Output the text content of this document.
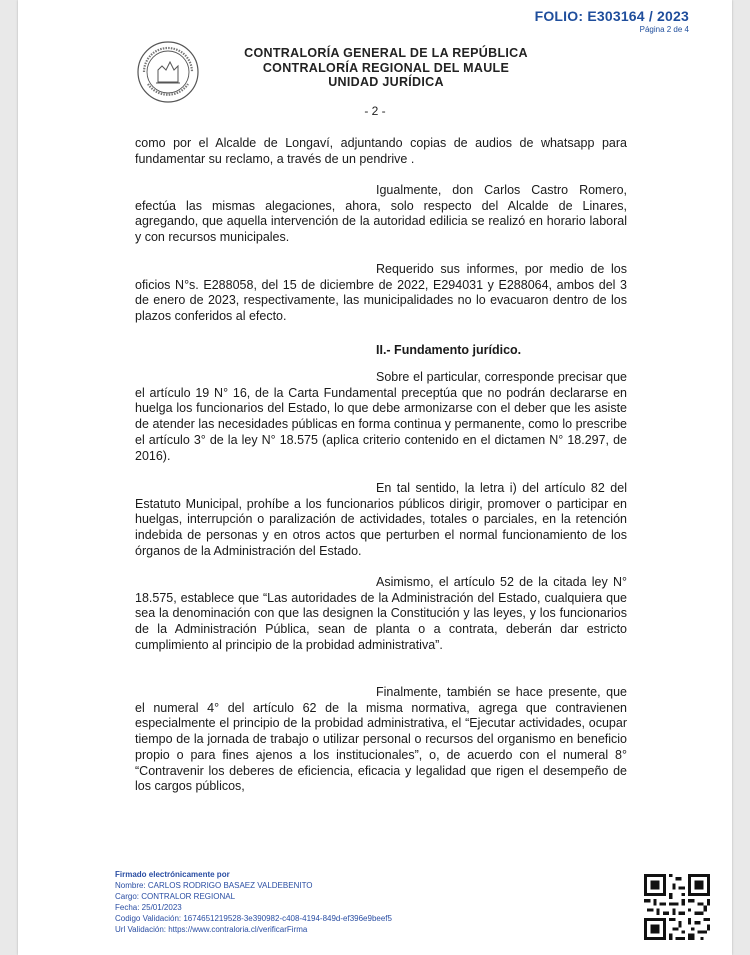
FOLIO: E303164 / 2023
Página 2 de 4
CONTRALORÍA GENERAL DE LA REPÚBLICA
CONTRALORÍA REGIONAL DEL MAULE
UNIDAD JURÍDICA
- 2 -

como por el Alcalde de Longaví, adjuntando copias de audios de whatsapp para fundamentar su reclamo, a través de un pendrive .

Igualmente, don Carlos Castro Romero, efectúa las mismas alegaciones, ahora, solo respecto del Alcalde de Linares, agregando, que aquella intervención de la autoridad edilicia se realizó en horario laboral y con recursos municipales.

Requerido sus informes, por medio de los oficios N°s. E288058, del 15 de diciembre de 2022, E294031 y E288064, ambos del 3 de enero de 2023, respectivamente, las municipalidades no lo evacuaron dentro de los plazos conferidos al efecto.

II.- Fundamento jurídico.

Sobre el particular, corresponde precisar que el artículo 19 N° 16, de la Carta Fundamental preceptúa que no podrán declararse en huelga los funcionarios del Estado, lo que debe armonizarse con el deber que les asiste de atender las necesidades públicas en forma continua y permanente, como lo prescribe el artículo 3° de la ley N° 18.575 (aplica criterio contenido en el dictamen N° 18.297, de 2016).

En tal sentido, la letra i) del artículo 82 del Estatuto Municipal, prohíbe a los funcionarios públicos dirigir, promover o participar en huelgas, interrupción o paralización de actividades, totales o parciales, en la retención indebida de personas y en otros actos que perturben el normal funcionamiento de los órganos de la Administración del Estado.

Asimismo, el artículo 52 de la citada ley N° 18.575, establece que “Las autoridades de la Administración del Estado, cualquiera que sea la denominación con que las designen la Constitución y las leyes, y los funcionarios de la Administración Pública, sean de planta o a contrata, deberán dar estricto cumplimiento al principio de la probidad administrativa”.

Finalmente, también se hace presente, que el numeral 4° del artículo 62 de la misma normativa, agrega que contravienen especialmente el principio de la probidad administrativa, el “Ejecutar actividades, ocupar tiempo de la jornada de trabajo o utilizar personal o recursos del organismo en beneficio propio o para fines ajenos a los institucionales”, o, de acuerdo con el numeral 8° “Contravenir los deberes de eficiencia, eficacia y legalidad que rigen el desempeño de los cargos públicos,

Firmado electrónicamente por
Nombre: CARLOS RODRIGO BASAEZ VALDEBENITO
Cargo: CONTRALOR REGIONAL
Fecha: 25/01/2023
Codigo Validación: 1674651219528-3e390982-c408-4194-849d-ef396e9beef5
Url Validación: https://www.contraloria.cl/verificarFirma
